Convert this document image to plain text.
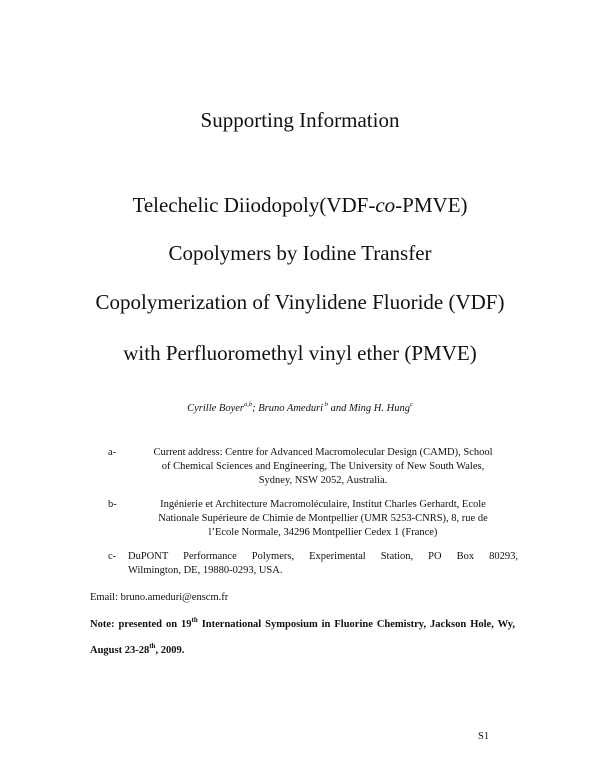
Supporting Information
Telechelic Diiodopoly(VDF-co-PMVE)
Copolymers by Iodine Transfer
Copolymerization of Vinylidene Fluoride (VDF)
with Perfluoromethyl vinyl ether (PMVE)
Cyrille Boyer$^{a,b}$; Bruno Ameduri $^b$ and Ming H. Hung$^c$
a-	Current address: Centre for Advanced Macromolecular Design (CAMD), School
of Chemical Sciences and Engineering, The University of New South Wales,
Sydney, NSW 2052, Australia.
b-	Ingénierie et Architecture Macromoléculaire, Institut Charles Gerhardt, Ecole
Nationale Supérieure de Chimie de Montpellier (UMR 5253-CNRS), 8, rue de
l’Ecole Normale, 34296 Montpellier Cedex 1 (France)
c- DuPONT Performance Polymers, Experimental Station, PO Box 80293,
Wilmington, DE, 19880-0293, USA.
Email: bruno.ameduri@enscm.fr
Note: presented on 19th International Symposium in Fluorine Chemistry, Jackson Hole, Wy, August 23-28th, 2009.
S1
